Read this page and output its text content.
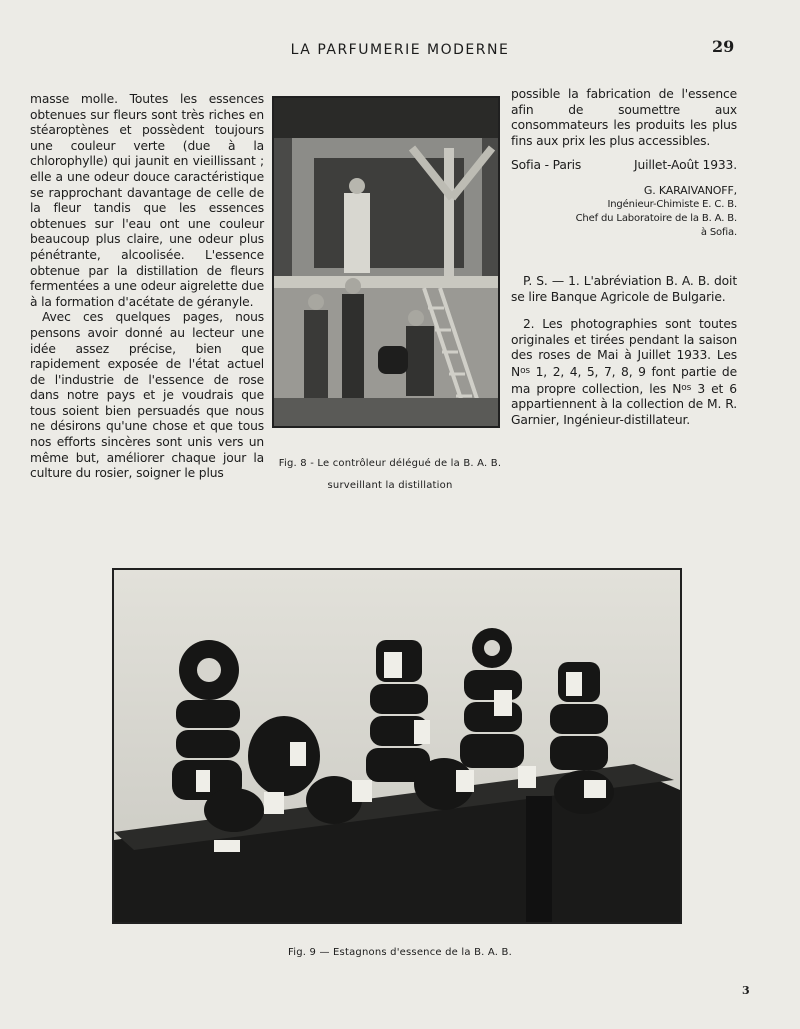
LA PARFUMERIE MODERNE	29

masse molle. Toutes les essences obtenues sur fleurs sont très riches en stéaroptènes et possèdent toujours une couleur verte (due à la chlorophylle) qui jaunit en vieillissant ; elle a une odeur douce caractéristique se rapprochant davantage de celle de la fleur tandis que les essences obtenues sur l'eau ont une couleur beaucoup plus claire, une odeur plus pénétrante, alcoolisée. L'essence obtenue par la distillation de fleurs fermentées a une odeur aigrelette due à la formation d'acétate de géranyle.

Avec ces quelques pages, nous pensons avoir donné au lecteur une idée assez précise, bien que rapidement exposée de l'état actuel de l'industrie de l'essence de rose dans notre pays et je voudrais que tous soient bien persuadés que nous ne désirons qu'une chose et que tous nos efforts sincères sont unis vers un même but, améliorer chaque jour la culture du rosier, soigner le plus

Fig. 8 - Le contrôleur délégué de la B. A. B.
surveillant la distillation

possible la fabrication de l'essence afin de soumettre aux consommateurs les produits les plus fins aux prix les plus accessibles.

Sofia - Paris	Juillet-Août 1933.
G. KARAIVANOFF,
Ingénieur-Chimiste E. C. B.
Chef du Laboratoire de la B. A. B.
à Sofia.

P. S. — 1. L'abréviation B. A. B. doit se lire Banque Agricole de Bulgarie.

2. Les photographies sont toutes originales et tirées pendant la saison des roses de Mai à Juillet 1933. Les $N^{os}$ 1, 2, 4, 5, 7, 8, 9 font partie de ma propre collection, les $N^{os}$ 3 et 6 appartiennent à la collection de M. R. Garnier, Ingénieur-distillateur.

Fig. 9 — Estagnons d'essence de la B. A. B.
3
